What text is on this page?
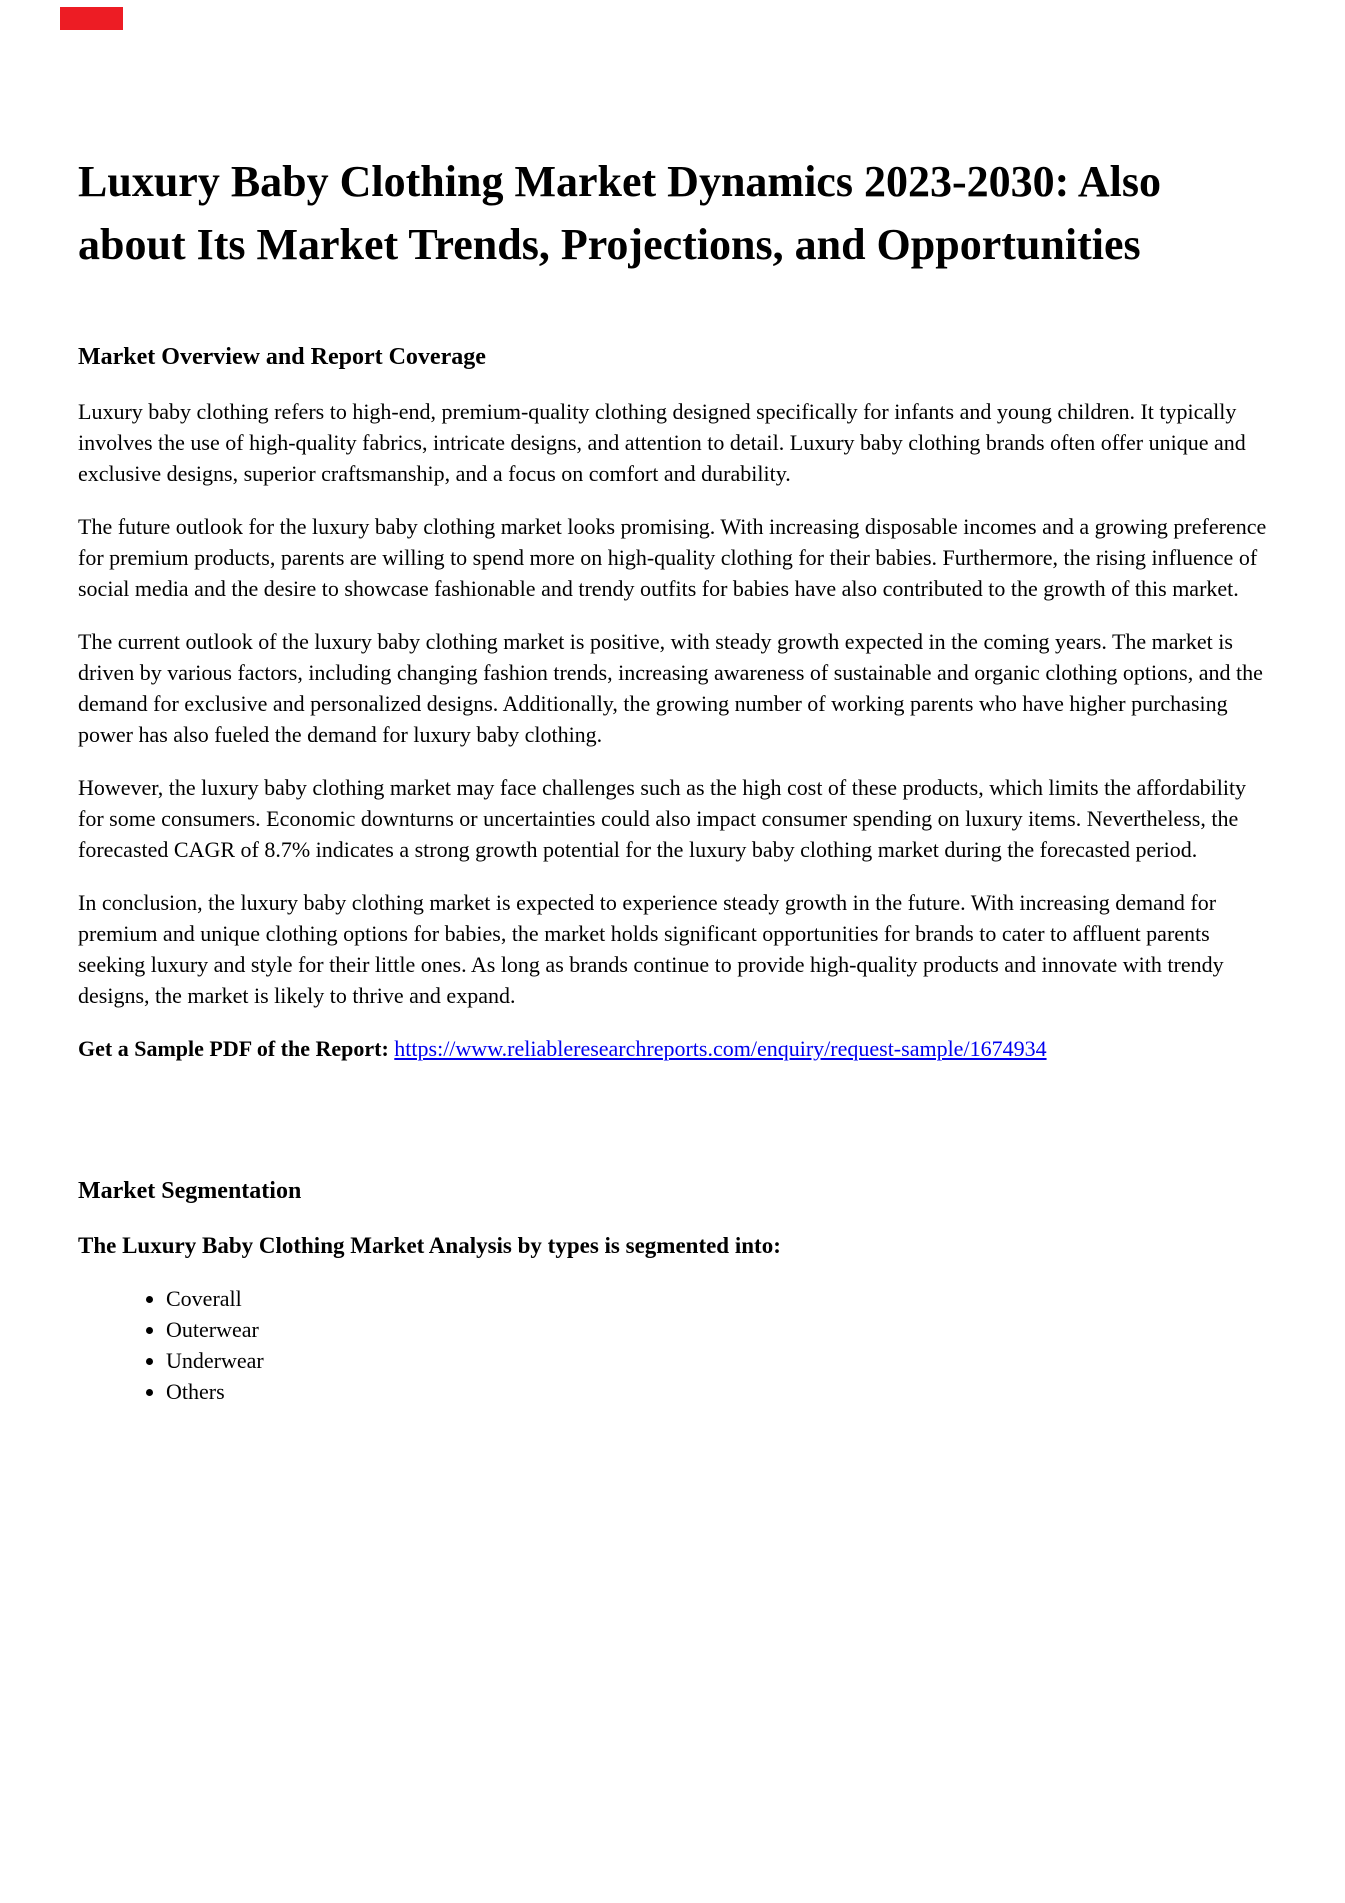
Luxury Baby Clothing Market Dynamics 2023-2030: Also about Its Market Trends, Projections, and Opportunities
Market Overview and Report Coverage

Luxury baby clothing refers to high-end, premium-quality clothing designed specifically for infants and young children. It typically involves the use of high-quality fabrics, intricate designs, and attention to detail. Luxury baby clothing brands often offer unique and exclusive designs, superior craftsmanship, and a focus on comfort and durability.

The future outlook for the luxury baby clothing market looks promising. With increasing disposable incomes and a growing preference for premium products, parents are willing to spend more on high-quality clothing for their babies. Furthermore, the rising influence of social media and the desire to showcase fashionable and trendy outfits for babies have also contributed to the growth of this market.

The current outlook of the luxury baby clothing market is positive, with steady growth expected in the coming years. The market is driven by various factors, including changing fashion trends, increasing awareness of sustainable and organic clothing options, and the demand for exclusive and personalized designs. Additionally, the growing number of working parents who have higher purchasing power has also fueled the demand for luxury baby clothing.

However, the luxury baby clothing market may face challenges such as the high cost of these products, which limits the affordability for some consumers. Economic downturns or uncertainties could also impact consumer spending on luxury items. Nevertheless, the forecasted CAGR of 8.7% indicates a strong growth potential for the luxury baby clothing market during the forecasted period.

In conclusion, the luxury baby clothing market is expected to experience steady growth in the future. With increasing demand for premium and unique clothing options for babies, the market holds significant opportunities for brands to cater to affluent parents seeking luxury and style for their little ones. As long as brands continue to provide high-quality products and innovate with trendy designs, the market is likely to thrive and expand.

Get a Sample PDF of the Report: https://www.reliableresearchreports.com/enquiry/request-sample/1674934

Market Segmentation

The Luxury Baby Clothing Market Analysis by types is segmented into:

• Coverall
• Outerwear
• Underwear
• Others
